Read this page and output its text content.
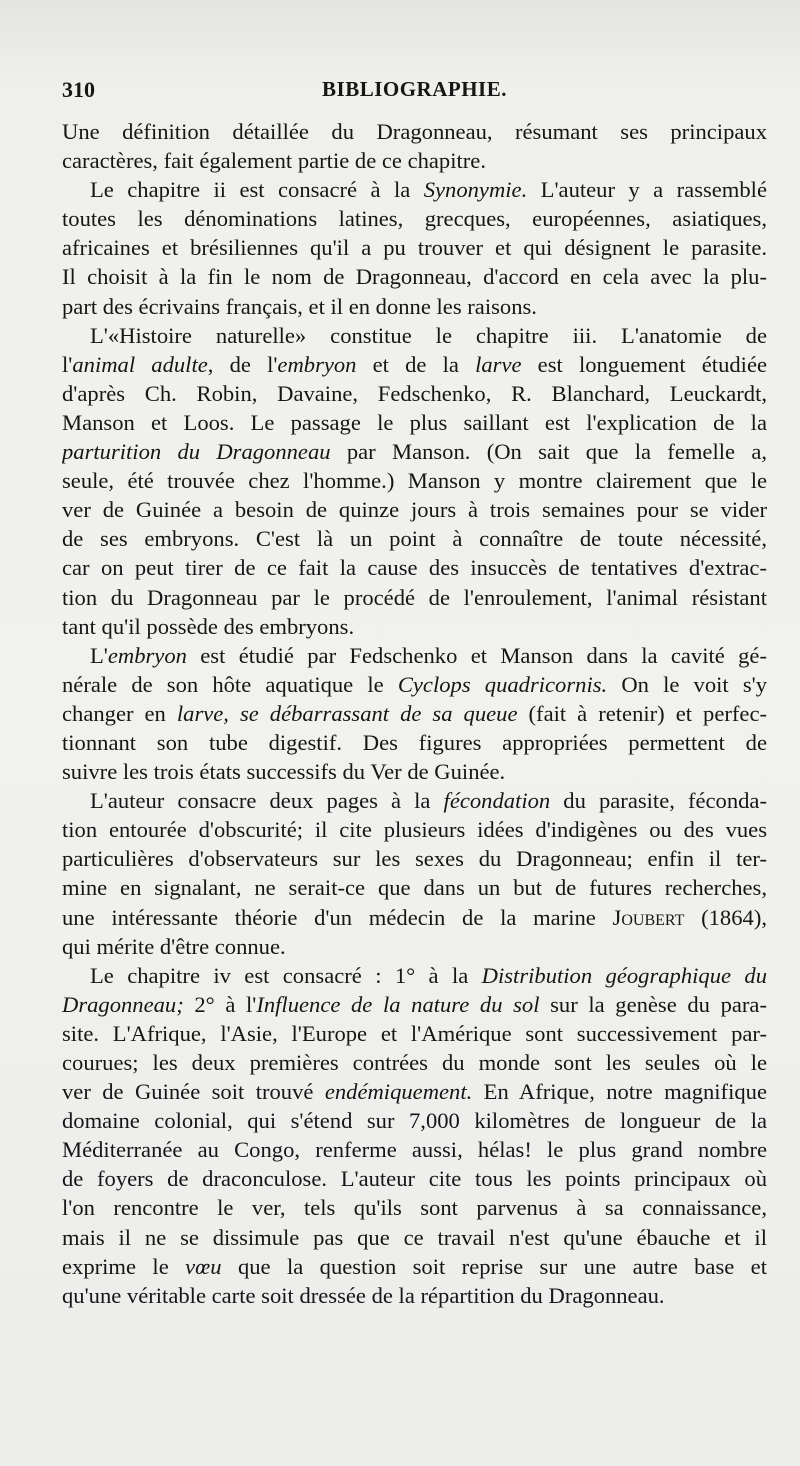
310	BIBLIOGRAPHIE.
Une définition détaillée du Dragonneau, résumant ses principaux
caractères, fait également partie de ce chapitre.
Le chapitre ii est consacré à la Synonymie. L'auteur y a rassemblé
toutes les dénominations latines, grecques, européennes, asiatiques,
africaines et brésiliennes qu'il a pu trouver et qui désignent le parasite.
Il choisit à la fin le nom de Dragonneau, d'accord en cela avec la plu-
part des écrivains français, et il en donne les raisons.
L'«Histoire naturelle» constitue le chapitre iii. L'anatomie de
l'animal adulte, de l'embryon et de la larve est longuement étudiée
d'après Ch. Robin, Davaine, Fedschenko, R. Blanchard, Leuckardt,
Manson et Loos. Le passage le plus saillant est l'explication de la
parturition du Dragonneau par Manson. (On sait que la femelle a,
seule, été trouvée chez l'homme.) Manson y montre clairement que le
ver de Guinée a besoin de quinze jours à trois semaines pour se vider
de ses embryons. C'est là un point à connaître de toute nécessité,
car on peut tirer de ce fait la cause des insuccès de tentatives d'extrac-
tion du Dragonneau par le procédé de l'enroulement, l'animal résistant
tant qu'il possède des embryons.
L'embryon est étudié par Fedschenko et Manson dans la cavité gé-
nérale de son hôte aquatique le Cyclops quadricornis. On le voit s'y
changer en larve, se débarrassant de sa queue (fait à retenir) et perfec-
tionnant son tube digestif. Des figures appropriées permettent de
suivre les trois états successifs du Ver de Guinée.
L'auteur consacre deux pages à la fécondation du parasite, féconda-
tion entourée d'obscurité; il cite plusieurs idées d'indigènes ou des vues
particulières d'observateurs sur les sexes du Dragonneau; enfin il ter-
mine en signalant, ne serait-ce que dans un but de futures recherches,
une intéressante théorie d'un médecin de la marine Joubert (1864),
qui mérite d'être connue.
Le chapitre iv est consacré : 1° à la Distribution géographique du
Dragonneau; 2° à l'Influence de la nature du sol sur la genèse du para-
site. L'Afrique, l'Asie, l'Europe et l'Amérique sont successivement par-
courues; les deux premières contrées du monde sont les seules où le
ver de Guinée soit trouvé endémiquement. En Afrique, notre magnifique
domaine colonial, qui s'étend sur 7,000 kilomètres de longueur de la
Méditerranée au Congo, renferme aussi, hélas! le plus grand nombre
de foyers de draconculose. L'auteur cite tous les points principaux où
l'on rencontre le ver, tels qu'ils sont parvenus à sa connaissance,
mais il ne se dissimule pas que ce travail n'est qu'une ébauche et il
exprime le vœu que la question soit reprise sur une autre base et
qu'une véritable carte soit dressée de la répartition du Dragonneau.
